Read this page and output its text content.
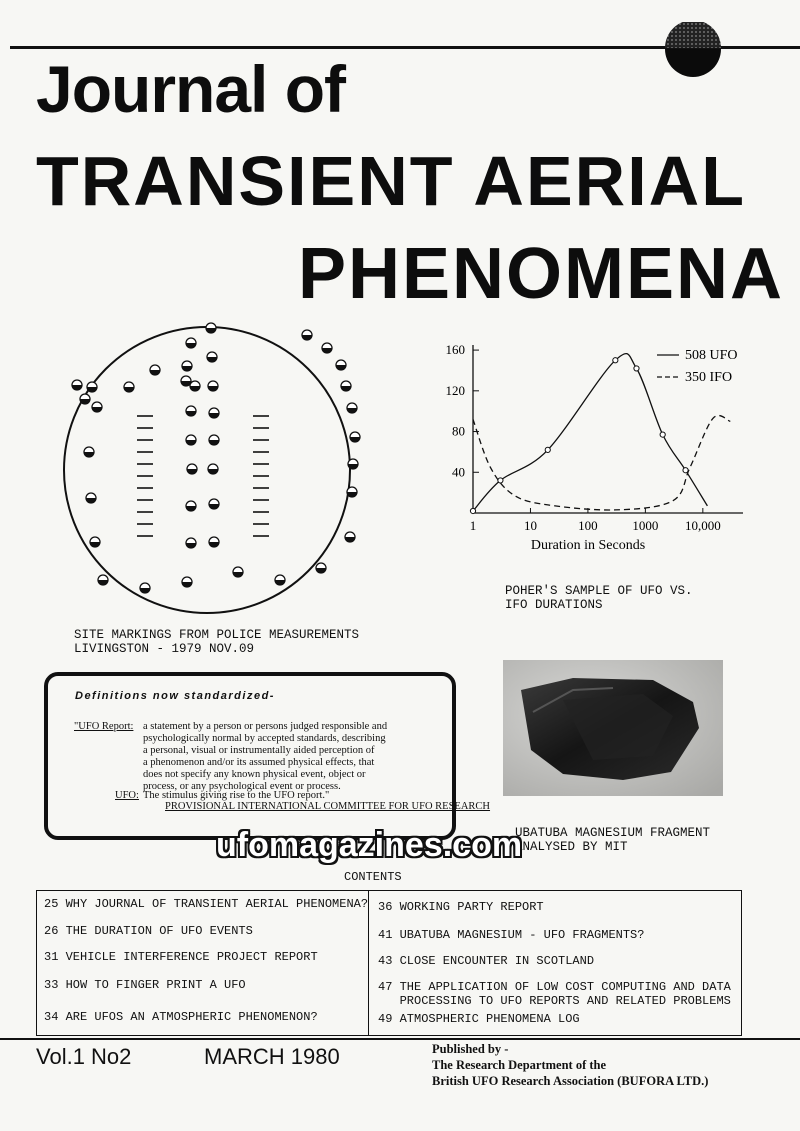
Journal of
TRANSIENT AERIAL
PHENOMENA
SITE MARKINGS FROM POLICE MEASUREMENTS
LIVINGSTON - 1979 NOV.09
40
80
120
160
1	10	100	1000 10,000
Duration in Seconds
508 UFO
350 IFO
POHER'S SAMPLE OF UFO VS.
IFO DURATIONS
Definitions now standardized-
"UFO Report: a statement by a person or persons judged responsible and
psychologically normal by accepted standards, describing
a personal, visual or instrumentally aided perception of
a phenomenon and/or its assumed physical effects, that
does not specify any known physical event, object or
process, or any psychological event or process.
UFO: The stimulus giving rise to the UFO report."
PROVISIONAL INTERNATIONAL COMMITTEE FOR UFO RESEARCH
UBATUBA MAGNESIUM FRAGMENT
ANALYSED BY MIT
ufomagazines.com
CONTENTS
25 WHY JOURNAL OF TRANSIENT AERIAL PHENOMENA?
26 THE DURATION OF UFO EVENTS
31 VEHICLE INTERFERENCE PROJECT REPORT
33 HOW TO FINGER PRINT A UFO
34 ARE UFOS AN ATMOSPHERIC PHENOMENON?
36 WORKING PARTY REPORT
41 UBATUBA MAGNESIUM - UFO FRAGMENTS?
43 CLOSE ENCOUNTER IN SCOTLAND
47 THE APPLICATION OF LOW COST COMPUTING AND DATA
PROCESSING TO UFO REPORTS AND RELATED PROBLEMS
49 ATMOSPHERIC PHENOMENA LOG
Vol.1 No2	MARCH 1980	Published by -
The Research Department of the
British UFO Research Association (BUFORA LTD.)
